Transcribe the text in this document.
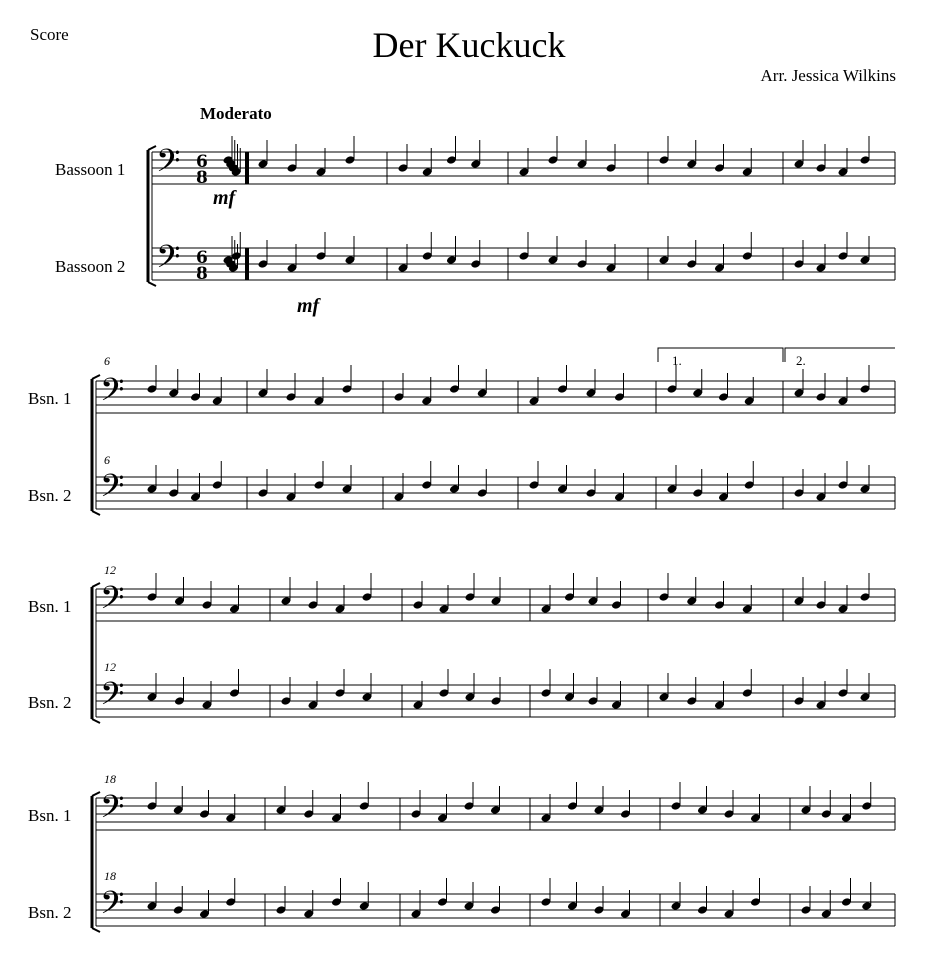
Score	Der Kuckuck
Arr. Jessica Wilkins
Moderato
Bassoon 1
Bassoon 2
mf
mf
Bsn. 1
Bsn. 2
6
6
1.	2.
Bsn. 1
Bsn. 2
12
12
Bsn. 1
Bsn. 2
18
18
𝄢 6
8
𝄢 6
8
𝄢
𝄢
𝄢
𝄢
𝄢
𝄢
